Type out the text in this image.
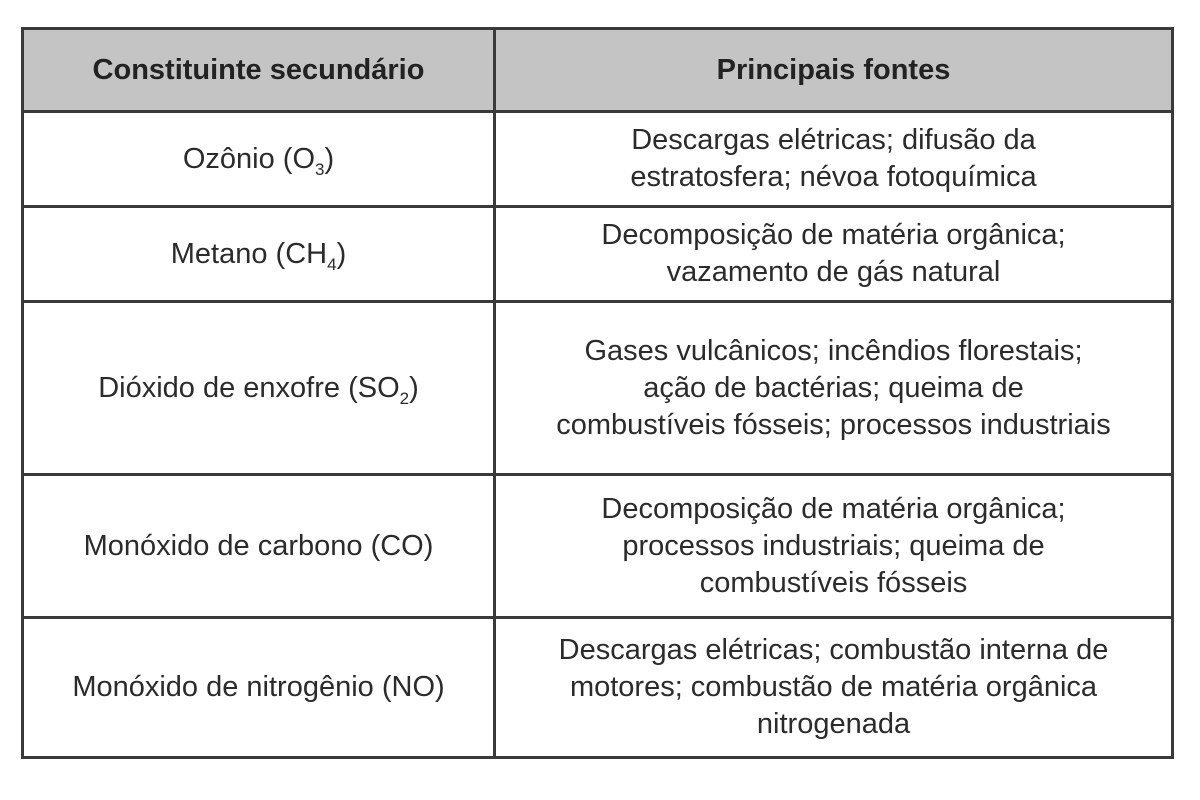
Constituinte secundário	Principais fontes
Ozônio $(O_3)$	Descargas elétricas; difusão da
estratosfera; névoa fotoquímica

Metano $(CH_4)$	Decomposição de matéria orgânica;
vazamento de gás natural

Dióxido de enxofre $(SO_2)$	Gases vulcânicos; incêndios florestais;
ação de bactérias; queima de
combustíveis fósseis; processos industriais

Monóxido de carbono (CO)	Decomposição de matéria orgânica;
processos industriais; queima de
combustíveis fósseis

Monóxido de nitrogênio (NO)	Descargas elétricas; combustão interna de
motores; combustão de matéria orgânica
nitrogenada
